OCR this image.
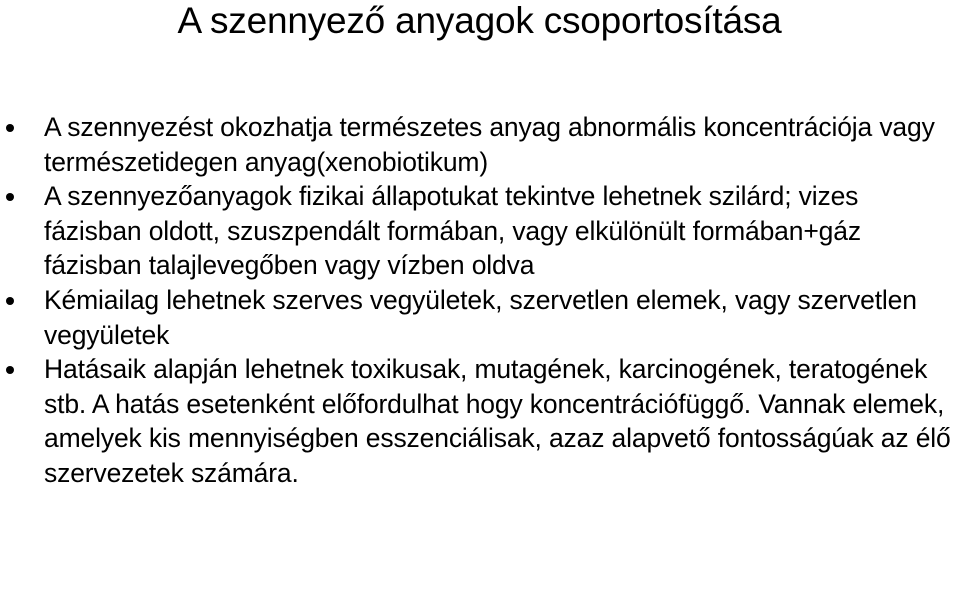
A szennyező anyagok csoportosítása
A szennyezést okozhatja természetes anyag abnormális koncentrációja vagy természetidegen anyag(xenobiotikum)
A szennyezőanyagok fizikai állapotukat tekintve lehetnek szilárd; vizes fázisban oldott, szuszpendált formában, vagy elkülönült formában+gáz fázisban talajlevegőben vagy vízben oldva
Kémiailag lehetnek szerves vegyületek, szervetlen elemek, vagy szervetlen vegyületek
Hatásaik alapján lehetnek toxikusak, mutagének, karcinogének, teratogének stb. A hatás esetenként előfordulhat hogy koncentrációfüggő. Vannak elemek, amelyek kis mennyiségben esszenciálisak, azaz alapvető fontosságúak az élő szervezetek számára.
